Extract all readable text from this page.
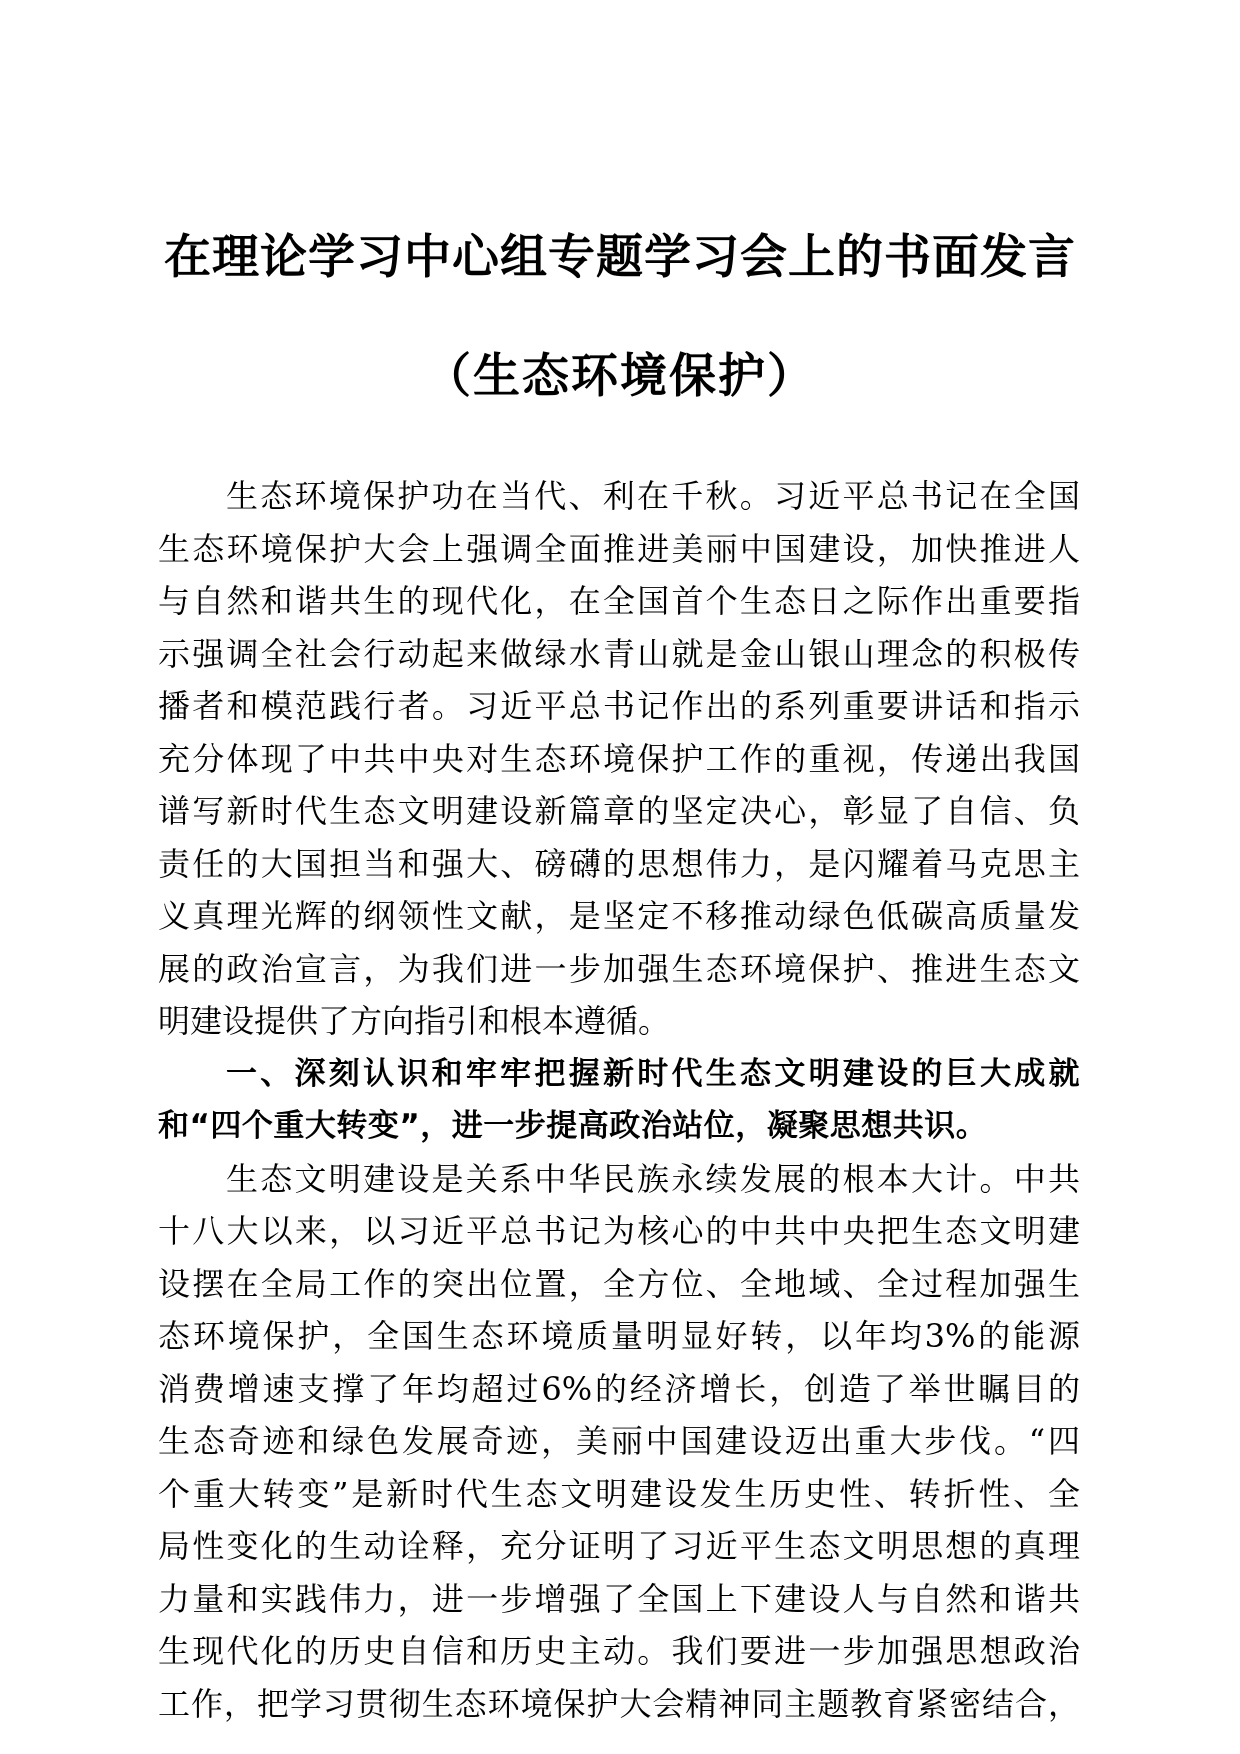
在理论学习中心组专题学习会上的书面发言
（生态环境保护）
生态环境保护功在当代、利在千秋。习近平总书记在全国
生态环境保护大会上强调全面推进美丽中国建设，加快推进人
与自然和谐共生的现代化，在全国首个生态日之际作出重要指
示强调全社会行动起来做绿水青山就是金山银山理念的积极传
播者和模范践行者。习近平总书记作出的系列重要讲话和指示
充分体现了中共中央对生态环境保护工作的重视，传递出我国
谱写新时代生态文明建设新篇章的坚定决心，彰显了自信、负
责任的大国担当和强大、磅礴的思想伟力，是闪耀着马克思主
义真理光辉的纲领性文献，是坚定不移推动绿色低碳高质量发
展的政治宣言，为我们进一步加强生态环境保护、推进生态文
明建设提供了方向指引和根本遵循。
一、深刻认识和牢牢把握新时代生态文明建设的巨大成就
和“四个重大转变”，进一步提高政治站位，凝聚思想共识。
生态文明建设是关系中华民族永续发展的根本大计。中共
十八大以来，以习近平总书记为核心的中共中央把生态文明建
设摆在全局工作的突出位置，全方位、全地域、全过程加强生
态环境保护，全国生态环境质量明显好转，以年均3%的能源
消费增速支撑了年均超过6%的经济增长，创造了举世瞩目的
生态奇迹和绿色发展奇迹，美丽中国建设迈出重大步伐。“四
个重大转变”是新时代生态文明建设发生历史性、转折性、全
局性变化的生动诠释，充分证明了习近平生态文明思想的真理
力量和实践伟力，进一步增强了全国上下建设人与自然和谐共
生现代化的历史自信和历史主动。我们要进一步加强思想政治
工作，把学习贯彻生态环境保护大会精神同主题教育紧密结合，
